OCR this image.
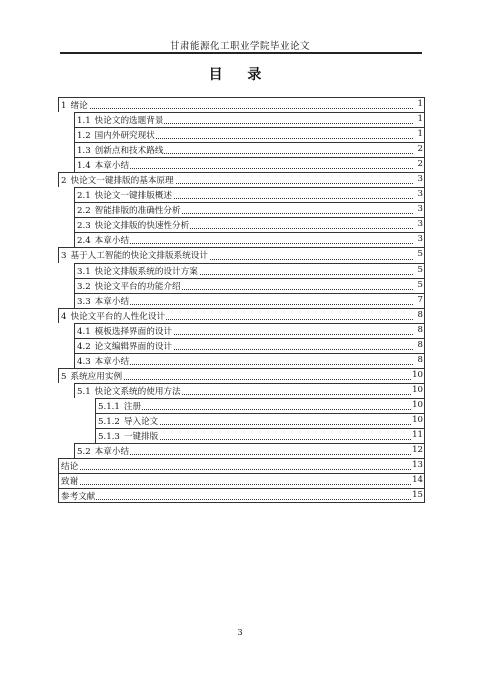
甘肃能源化工职业学院毕业论文
目 录
1 绪论	1
1.1 快论文的选题背景	1
1.2 国内外研究现状	1
1.3 创新点和技术路线	2
1.4 本章小结	2
2 快论文一键排版的基本原理	3
2.1 快论文一键排版概述	3
2.2 智能排版的准确性分析	3
2.3 快论文排版的快速性分析	3
2.4 本章小结	3
3 基于人工智能的快论文排版系统设计	5
3.1 快论文排版系统的设计方案	5
3.2 快论文平台的功能介绍	5
3.3 本章小结	7
4 快论文平台的人性化设计	8
4.1 模板选择界面的设计	8
4.2 论文编辑界面的设计	8
4.3 本章小结	8
5 系统应用实例	10
5.1 快论文系统的使用方法	10
5.1.1 注册	10
5.1.2 导入论文	10
5.1.3 一键排版	11
5.2 本章小结	12
结论	13
致谢	14
参考文献	15
3
